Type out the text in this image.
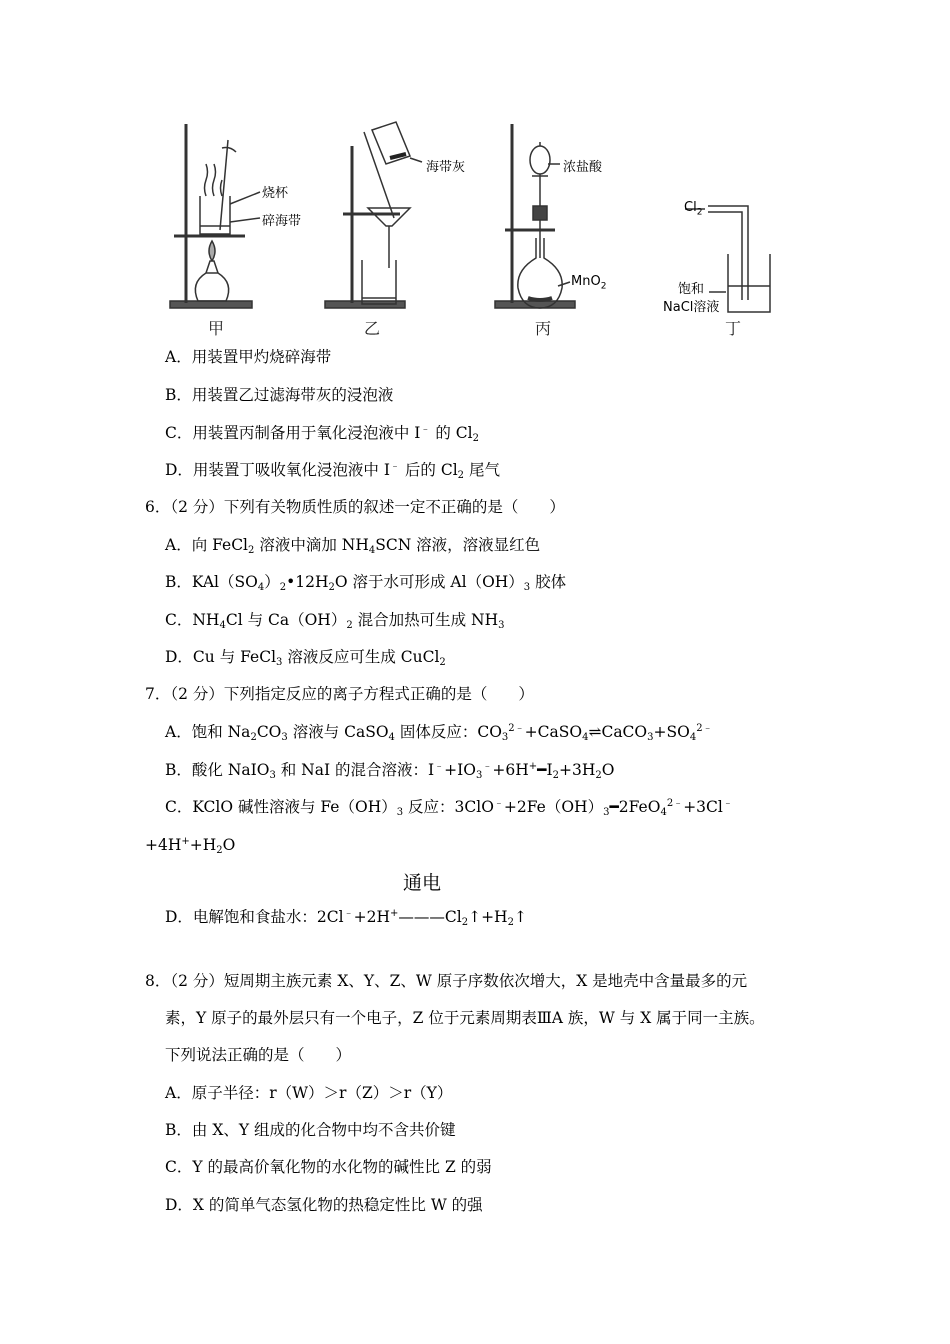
烧杯
碎海带
海带灰	浓盐酸
MnO$_2$
$Cl_2$
饱和
NaCl溶液
甲	乙	丙	丁
A．用装置甲灼烧碎海带
B．用装置乙过滤海带灰的浸泡液
C．用装置丙制备用于氧化浸泡液中 I﹣ 的 $Cl_2$
D．用装置丁吸收氧化浸泡液中 I﹣ 后的 $Cl_2$ 尾气
6．（2 分）下列有关物质性质的叙述一定不正确的是（　　）
A．向 FeCl$_2$ 溶液中滴加 $NH_4SCN$ 溶液，溶液显红色
B．$KAl(SO_4)_2•12H_2O$ 溶于水可形成 $Al(OH)_3$ 胶体
C．$NH_4Cl$ 与 $Ca(OH)_2$ 混合加热可生成 $NH_3$
D．Cu 与 FeCl$_3$ 溶液反应可生成 CuCl$_2$
7．（2 分）下列指定反应的离子方程式正确的是（　　）
A．饱和 $Na_2CO_3$ 溶液与 CaSO$_4$ 固体反应：$CO_3^{2﹣}+CaSO_4\rightleftharpoons CaCO_3+SO_4^{2﹣}$
B．酸化 NaIO$_3$ 和 NaI 的混合溶液：$I^﹣+IO_3^﹣+6H^+━I_2+3H_2O$
C．KClO 碱性溶液与 $Fe(OH)_3$ 反应：$3ClO^﹣+2Fe(OH)_3━2FeO_4^{2﹣}+3Cl^﹣$
$+4H^++H_2O$
通电
D．电解饱和食盐水：$2Cl^﹣+2H^+———Cl_2↑+H_2↑$
8．（2 分）短周期主族元素 X、Y、Z、W 原子序数依次增大，X 是地壳中含量最多的元
素，Y 原子的最外层只有一个电子，Z 位于元素周期表ⅢA 族，W 与 X 属于同一主族。
下列说法正确的是（　　）
A．原子半径：r（W）＞r（Z）＞r（Y）
B．由 X、Y 组成的化合物中均不含共价键
C．Y 的最高价氧化物的水化物的碱性比 Z 的弱
D．X 的简单气态氢化物的热稳定性比 W 的强
